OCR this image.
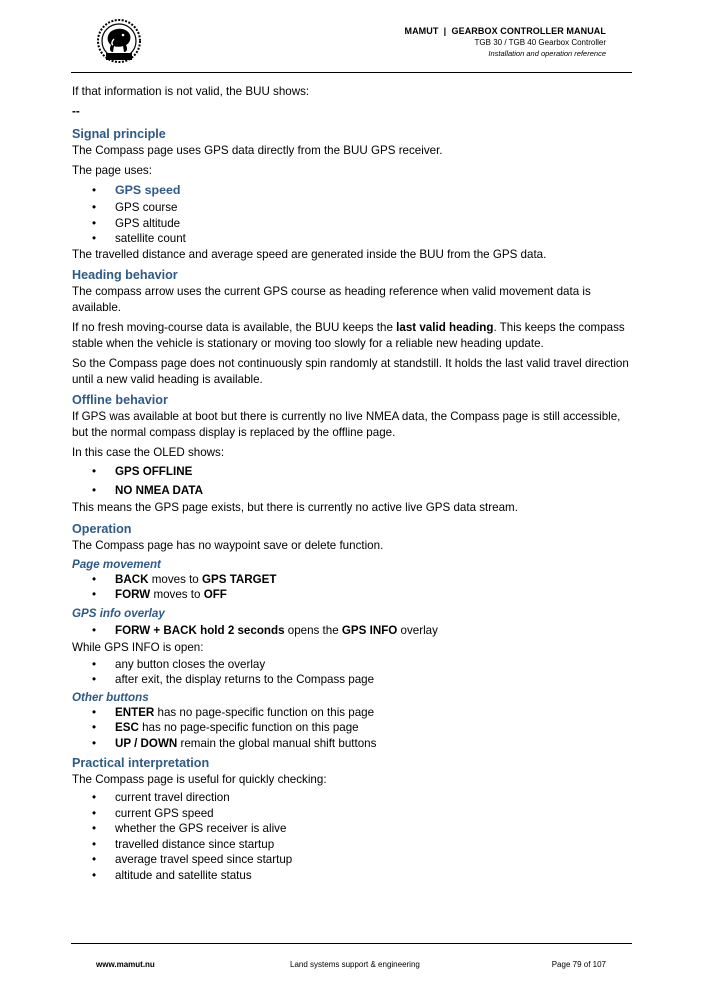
MAMUT  |  GEARBOX CONTROLLER MANUAL
TGB 30 / TGB 40 Gearbox Controller
Installation and operation reference

If that information is not valid, the BUU shows:

--

Signal principle

The Compass page uses GPS data directly from the BUU GPS receiver.

The page uses:

• GPS speed
• GPS course
• GPS altitude
• satellite count

The travelled distance and average speed are generated inside the BUU from the GPS data.

Heading behavior

The compass arrow uses the current GPS course as heading reference when valid movement data is available.

If no fresh moving-course data is available, the BUU keeps the last valid heading. This keeps the compass stable when the vehicle is stationary or moving too slowly for a reliable new heading update.

So the Compass page does not continuously spin randomly at standstill. It holds the last valid travel direction until a new valid heading is available.

Offline behavior

If GPS was available at boot but there is currently no live NMEA data, the Compass page is still accessible, but the normal compass display is replaced by the offline page.

In this case the OLED shows:

• GPS OFFLINE
• NO NMEA DATA

This means the GPS page exists, but there is currently no active live GPS data stream.

Operation

The Compass page has no waypoint save or delete function.

Page movement
• BACK moves to GPS TARGET
• FORW moves to OFF
GPS info overlay
• FORW + BACK hold 2 seconds opens the GPS INFO overlay

While GPS INFO is open:

• any button closes the overlay
• after exit, the display returns to the Compass page
Other buttons
• ENTER has no page-specific function on this page
• ESC has no page-specific function on this page
• UP / DOWN remain the global manual shift buttons
Practical interpretation

The Compass page is useful for quickly checking:

• current travel direction
• current GPS speed
• whether the GPS receiver is alive
• travelled distance since startup
• average travel speed since startup
• altitude and satellite status
www.mamut.nu	Land systems support & engineering	Page 79 of 107
